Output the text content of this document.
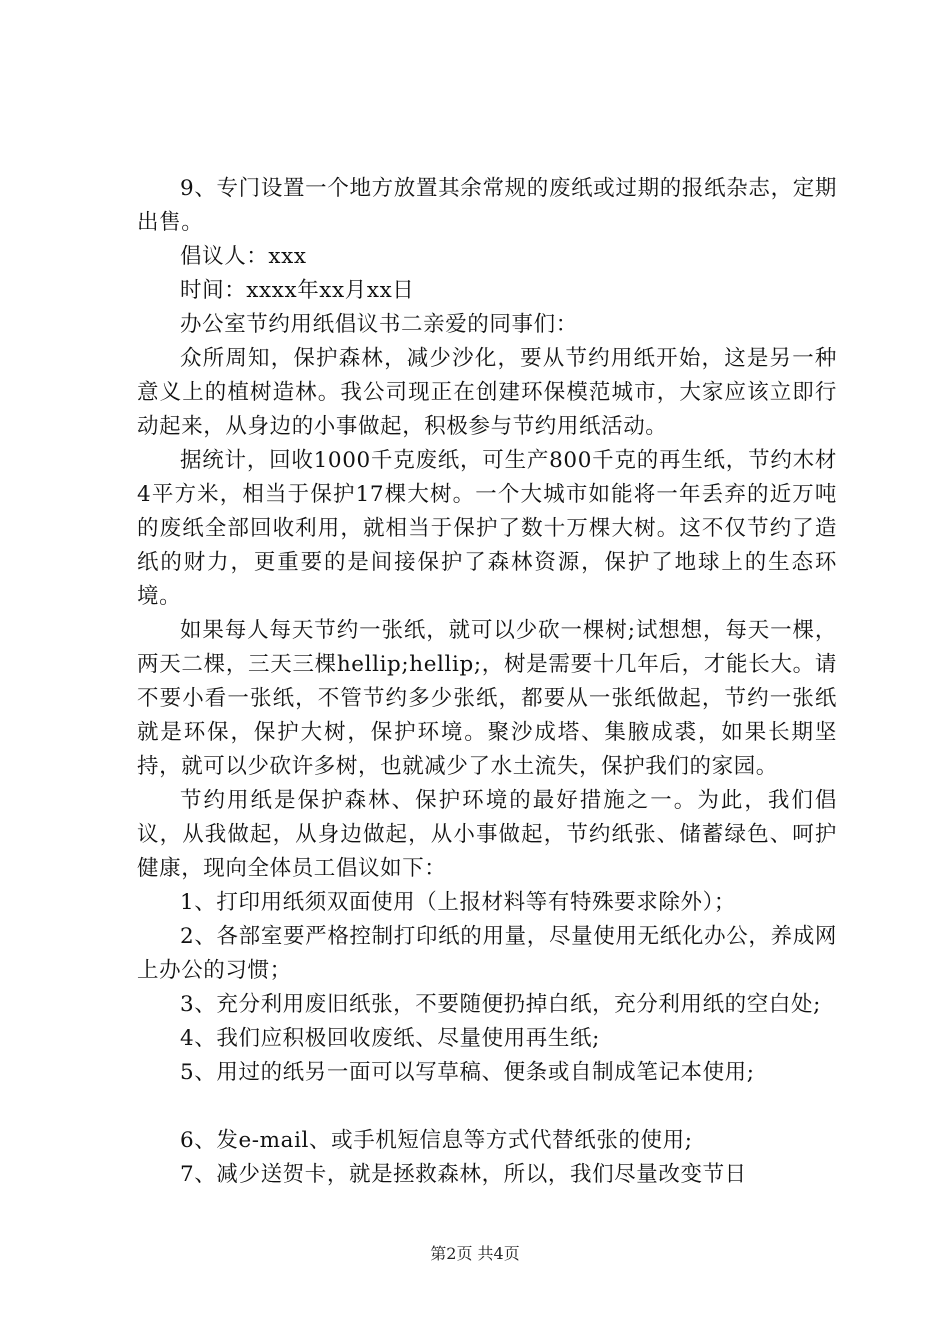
9、专门设置一个地方放置其余常规的废纸或过期的报纸杂志，定期出售。

倡议人：xxx

时间：xxxx年xx月xx日

办公室节约用纸倡议书二亲爱的同事们：

众所周知，保护森林，减少沙化，要从节约用纸开始，这是另一种意义上的植树造林。我公司现正在创建环保模范城市，大家应该立即行动起来，从身边的小事做起，积极参与节约用纸活动。

据统计，回收1000千克废纸，可生产800千克的再生纸，节约木材4平方米，相当于保护17棵大树。一个大城市如能将一年丢弃的近万吨的废纸全部回收利用，就相当于保护了数十万棵大树。这不仅节约了造纸的财力，更重要的是间接保护了森林资源，保护了地球上的生态环境。

如果每人每天节约一张纸，就可以少砍一棵树;试想想，每天一棵，两天二棵，三天三棵hellip;hellip;，树是需要十几年后，才能长大。请不要小看一张纸，不管节约多少张纸，都要从一张纸做起，节约一张纸就是环保，保护大树，保护环境。聚沙成塔、集腋成裘，如果长期坚持，就可以少砍许多树，也就减少了水土流失，保护我们的家园。

节约用纸是保护森林、保护环境的最好措施之一。为此，我们倡议，从我做起，从身边做起，从小事做起，节约纸张、储蓄绿色、呵护健康，现向全体员工倡议如下：

1、打印用纸须双面使用（上报材料等有特殊要求除外）；

2、各部室要严格控制打印纸的用量，尽量使用无纸化办公，养成网上办公的习惯；

3、充分利用废旧纸张，不要随便扔掉白纸，充分利用纸的空白处;

4、我们应积极回收废纸、尽量使用再生纸;

5、用过的纸另一面可以写草稿、便条或自制成笔记本使用;

6、发e-mail、或手机短信息等方式代替纸张的使用;

7、减少送贺卡，就是拯救森林，所以，我们尽量改变节日

第2页 共4页
